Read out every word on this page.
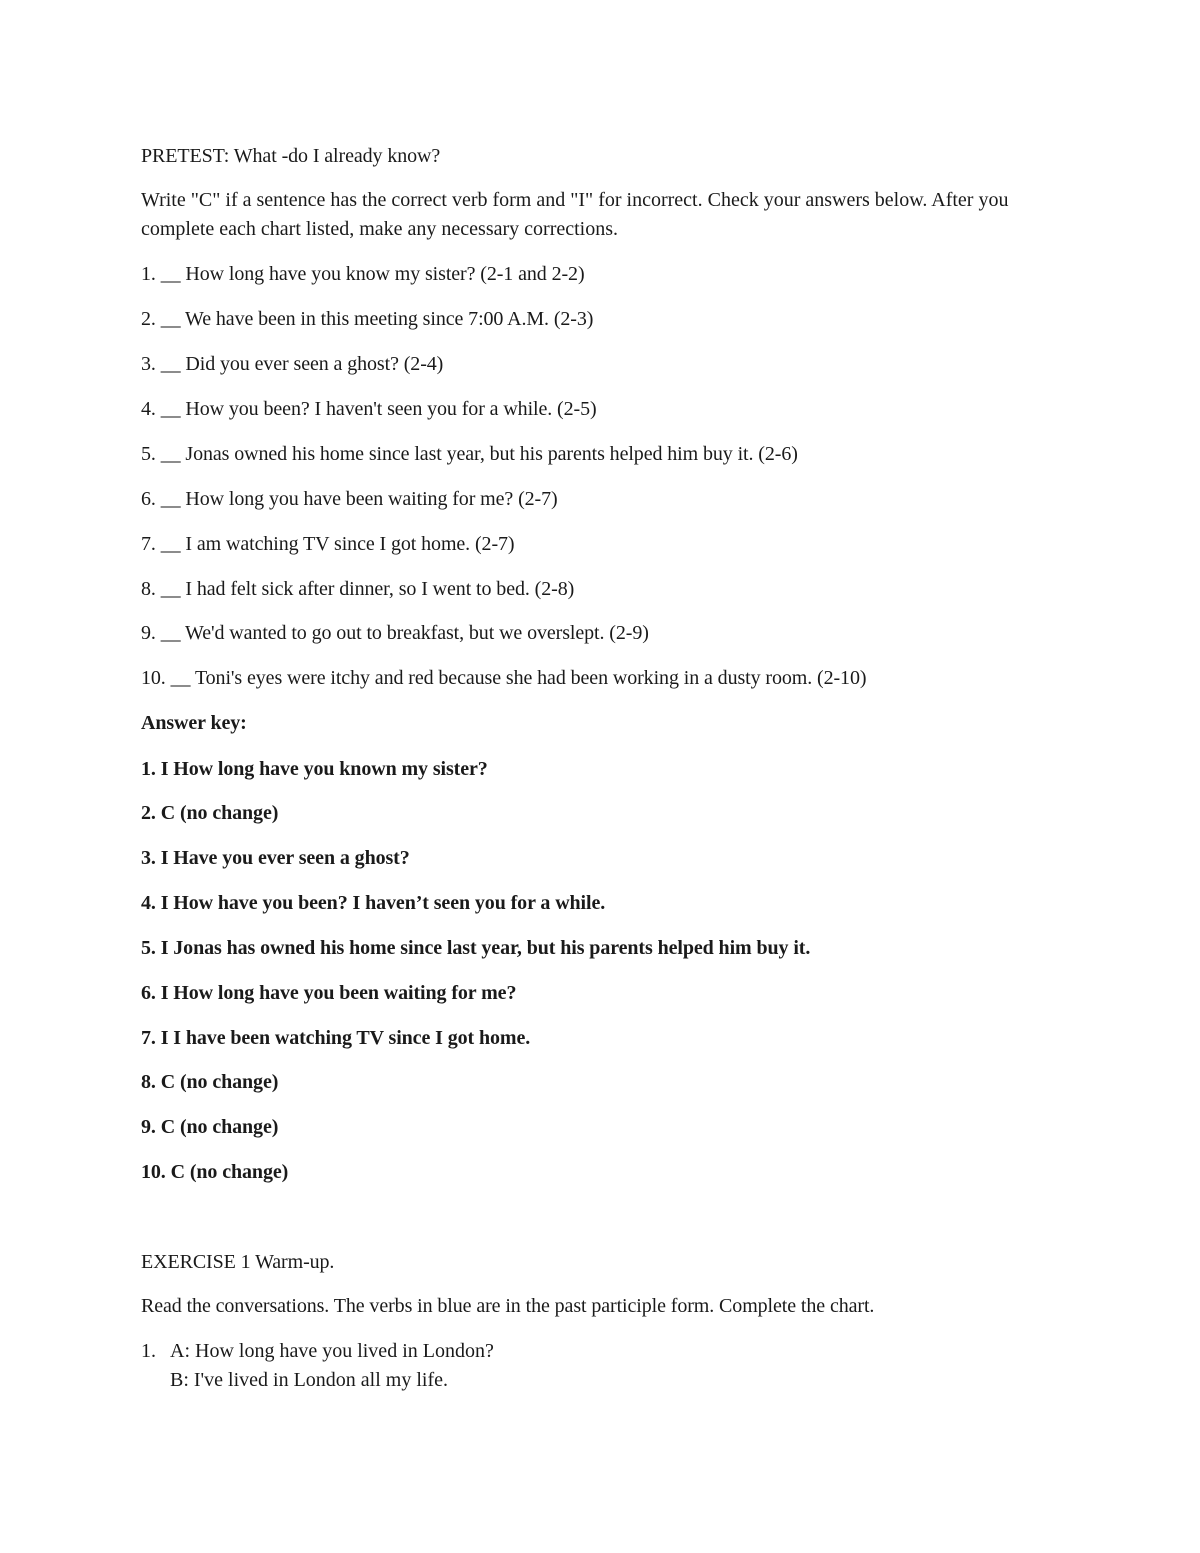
PRETEST: What -do I already know?
Write "C" if a sentence has the correct verb form and "I" for incorrect. Check your answers below. After you complete each chart listed, make any necessary corrections.
1. __ How long have you know my sister? (2-1 and 2-2)
2. __ We have been in this meeting since 7:00 A.M. (2-3)
3. __ Did you ever seen a ghost? (2-4)
4. __ How you been? I haven't seen you for a while. (2-5)
5. __ Jonas owned his home since last year, but his parents helped him buy it. (2-6)
6. __ How long you have been waiting for me? (2-7)
7. __ I am watching TV since I got home. (2-7)
8. __ I had felt sick after dinner, so I went to bed. (2-8)
9. __ We'd wanted to go out to breakfast, but we overslept. (2-9)
10. __ Toni's eyes were itchy and red because she had been working in a dusty room. (2-10)
Answer key:
1. I How long have you known my sister?
2. C (no change)
3. I Have you ever seen a ghost?
4. I How have you been? I haven’t seen you for a while.
5. I Jonas has owned his home since last year, but his parents helped him buy it.
6. I How long have you been waiting for me?
7. I I have been watching TV since I got home.
8. C (no change)
9. C (no change)
10. C (no change)
EXERCISE 1 Warm-up.
Read the conversations. The verbs in blue are in the past participle form. Complete the chart.
1. A: How long have you lived in London?
B: I've lived in London all my life.
